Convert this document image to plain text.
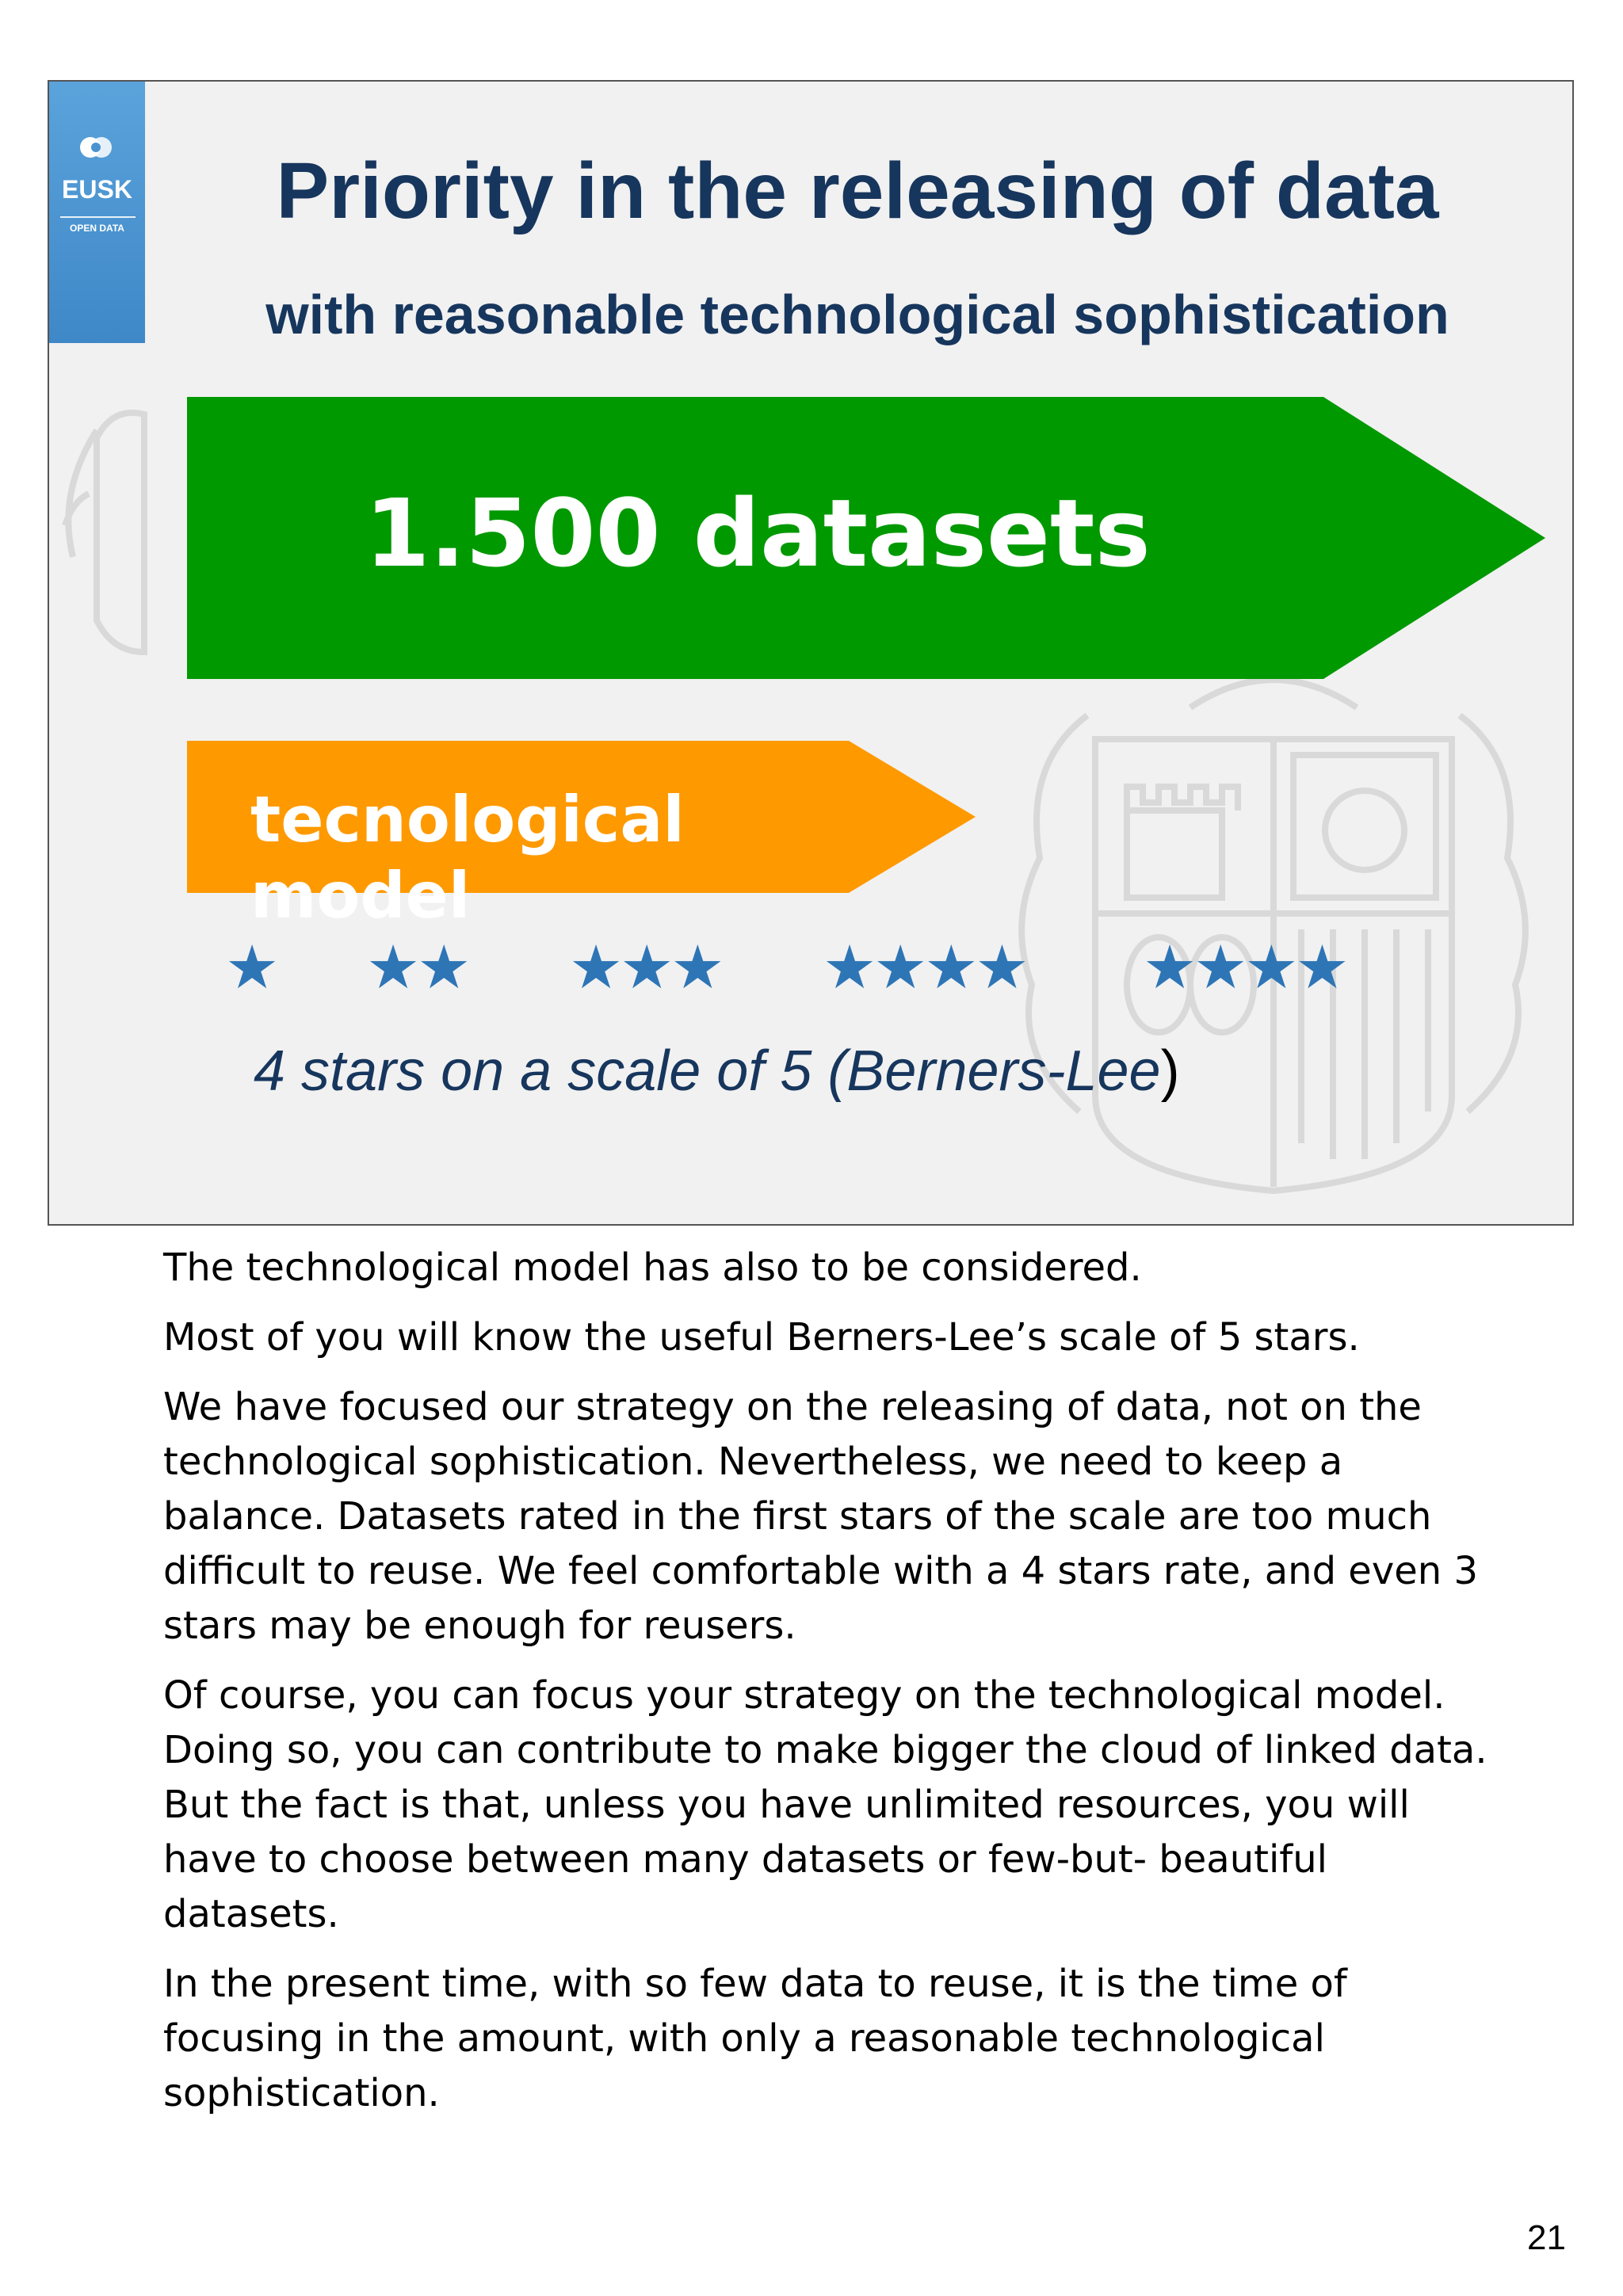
EUSK
OPEN DATA	Priority in the releasing of data
with reasonable technological sophistication
1.500 datasets
tecnological model
★ ★★ ★★★ ★★★★ ★★★★
4 stars on a scale of 5 (Berners-Lee)

The technological model has also to be considered.

Most of you will know the useful Berners-Lee’s scale of 5 stars.

We have focused our strategy on the releasing of data, not on the technological sophistication. Nevertheless, we need to keep a balance. Datasets rated in the first stars of the scale are too much difficult to reuse. We feel comfortable with a 4 stars rate, and even 3 stars may be enough for reusers.

Of course, you can focus your strategy on the technological model. Doing so, you can contribute to make bigger the cloud of linked data. But the fact is that, unless you have unlimited resources, you will have to choose between many datasets or few-but- beautiful datasets.

In the present time, with so few data to reuse, it is the time of focusing in the amount, with only a reasonable technological sophistication.

21
